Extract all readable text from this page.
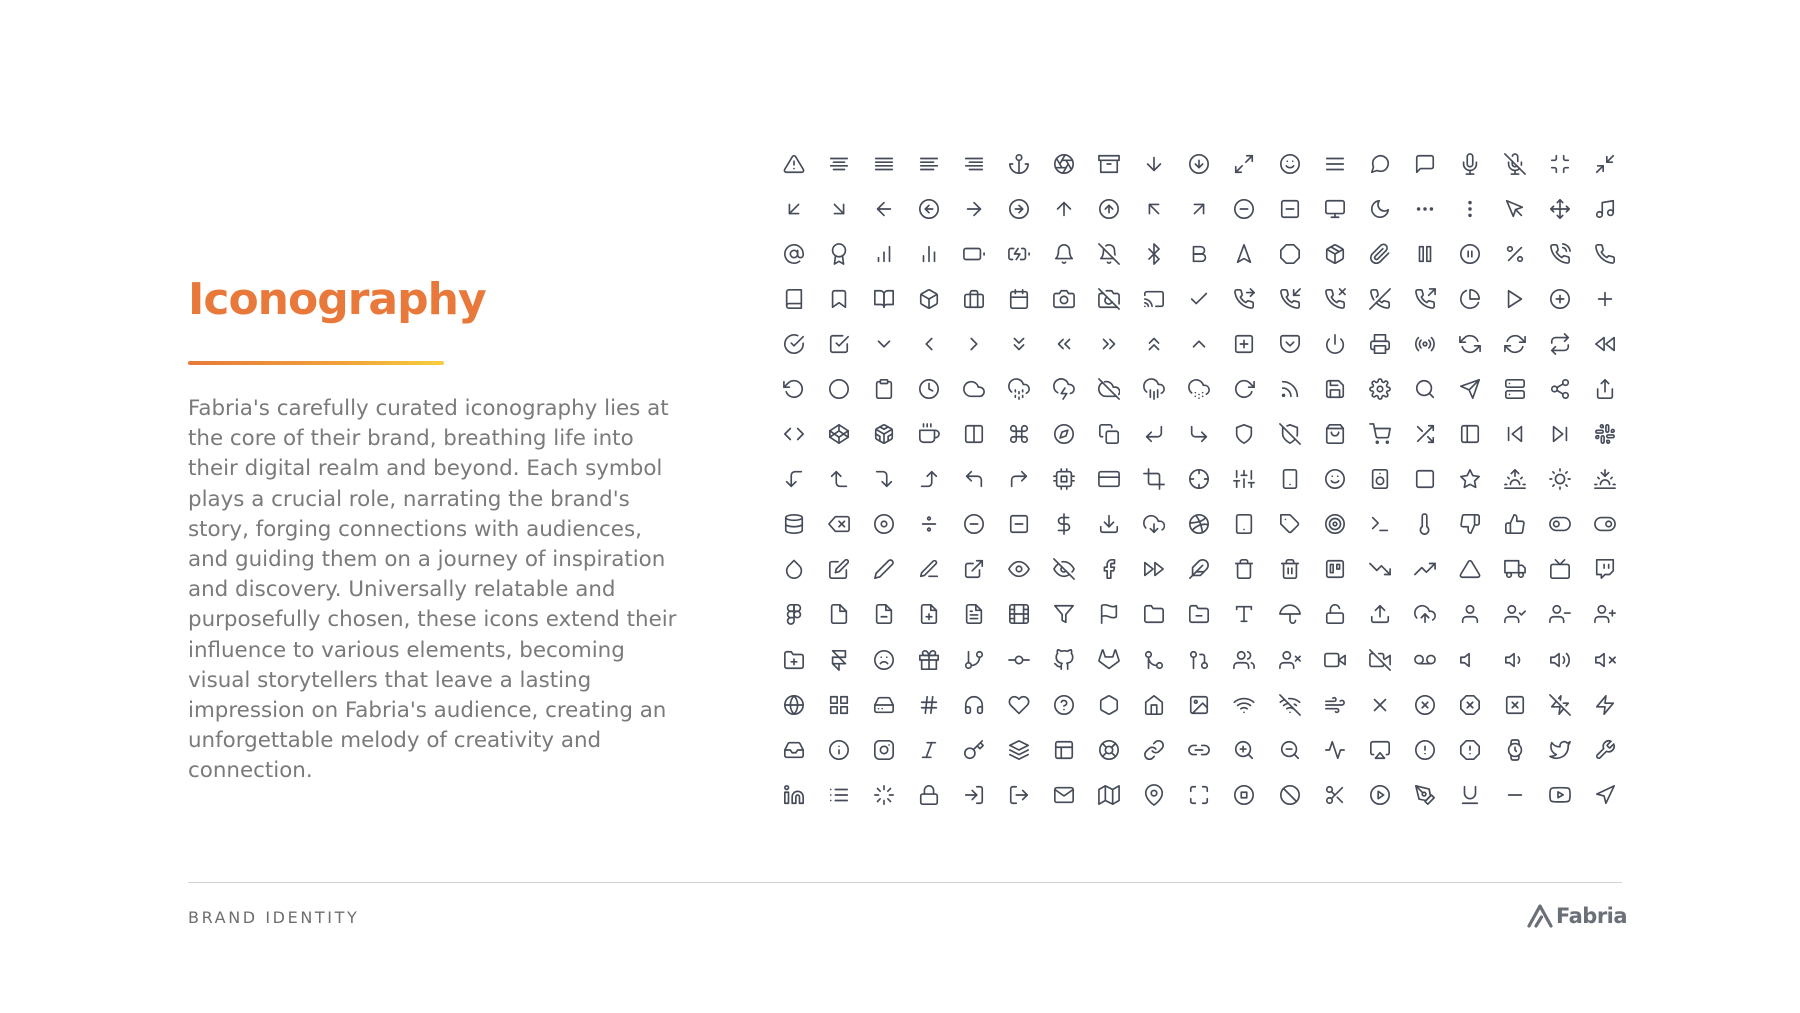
Iconography

Fabria's carefully curated iconography lies at the core of their brand, breathing life into their digital realm and beyond. Each symbol plays a crucial role, narrating the brand's story, forging connections with audiences, and guiding them on a journey of inspiration and discovery. Universally relatable and purposefully chosen, these icons extend their influence to various elements, becoming visual storytellers that leave a lasting impression on Fabria's audience, creating an unforgettable melody of creativity and connection.

BRAND IDENTITY	Fabria
